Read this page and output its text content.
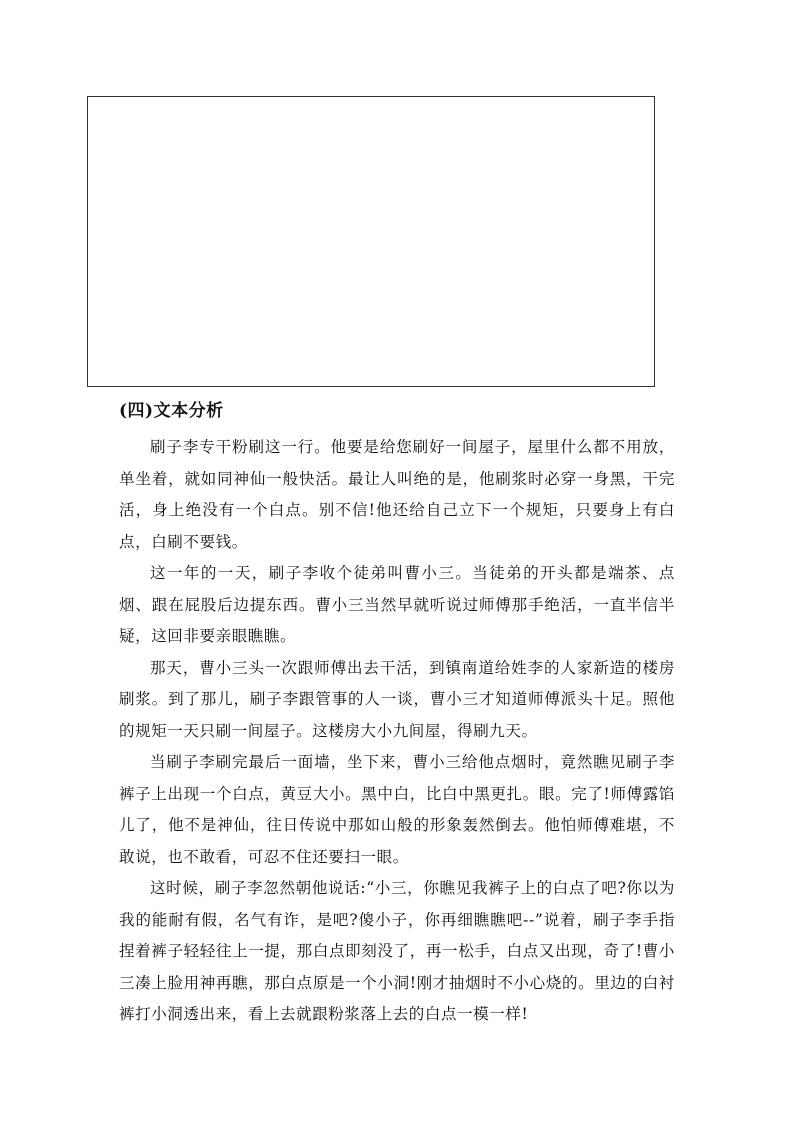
(四)文本分析

刷子李专干粉刷这一行。他要是给您刷好一间屋子，屋里什么都不用放，单坐着，就如同神仙一般快活。最让人叫绝的是，他刷浆时必穿一身黑，干完活，身上绝没有一个白点。别不信!他还给自己立下一个规矩，只要身上有白点，白刷不要钱。

这一年的一天，刷子李收个徒弟叫曹小三。当徒弟的开头都是端茶、点烟、跟在屁股后边提东西。曹小三当然早就听说过师傅那手绝活，一直半信半疑，这回非要亲眼瞧瞧。

那天，曹小三头一次跟师傅出去干活，到镇南道给姓李的人家新造的楼房刷浆。到了那儿，刷子李跟管事的人一谈，曹小三才知道师傅派头十足。照他的规矩一天只刷一间屋子。这楼房大小九间屋，得刷九天。

当刷子李刷完最后一面墙，坐下来，曹小三给他点烟时，竟然瞧见刷子李裤子上出现一个白点，黄豆大小。黑中白，比白中黑更扎。眼。完了!师傅露馅儿了，他不是神仙，往日传说中那如山般的形象轰然倒去。他怕师傅难堪，不敢说，也不敢看，可忍不住还要扫一眼。

这时候，刷子李忽然朝他说话:“小三，你瞧见我裤子上的白点了吧?你以为我的能耐有假，名气有诈，是吧?傻小子，你再细瞧瞧吧--”说着，刷子李手指捏着裤子轻轻往上一提，那白点即刻没了，再一松手，白点又出现，奇了!曹小三凑上脸用神再瞧，那白点原是一个小洞!刚才抽烟时不小心烧的。里边的白衬裤打小洞透出来，看上去就跟粉浆落上去的白点一模一样!
